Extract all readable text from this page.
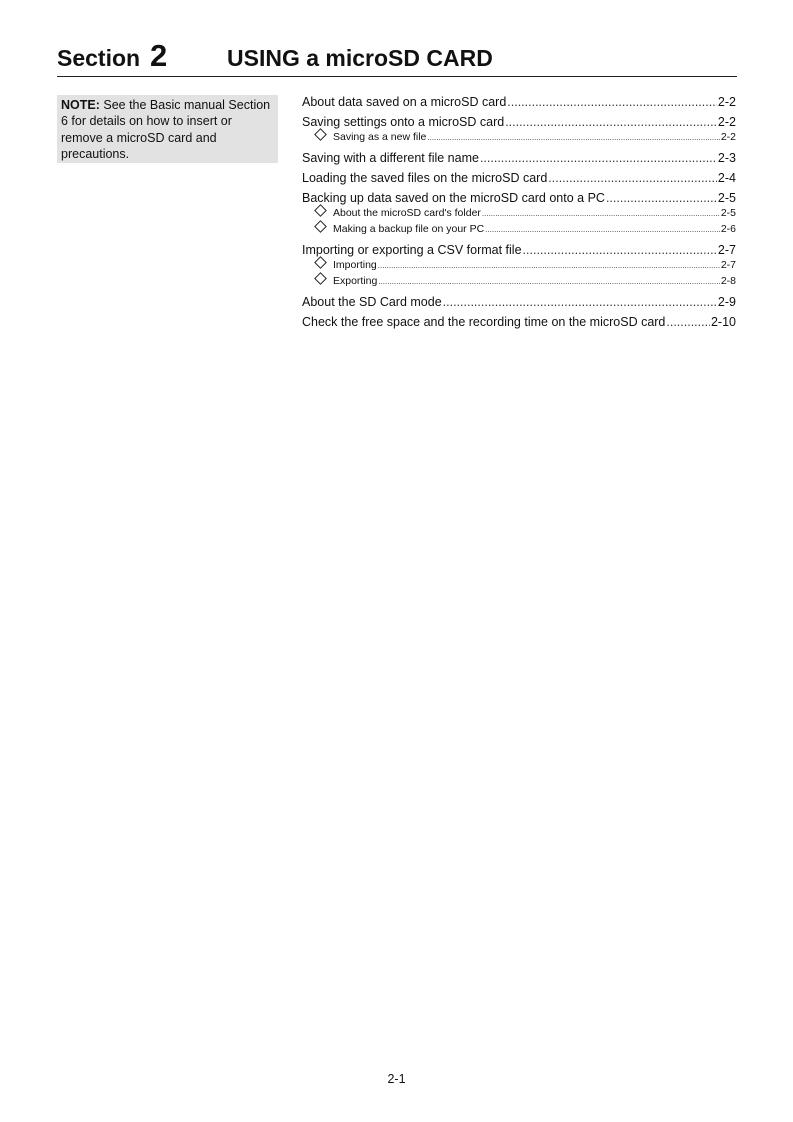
Section 2	USING a microSD CARD
NOTE: See the Basic manual Section 6 for details on how to insert or remove a microSD card and precautions.
About data saved on a microSD card .....	2-2
Saving settings onto a microSD card .....	2-2
Saving as a new file .....	2-2
Saving with a different file name .....	2-3
Loading the saved files on the microSD card .....	2-4
Backing up data saved on the microSD card onto a PC .....	2-5
About the microSD card's folder .....	2-5
Making a backup file on your PC .....	2-6
Importing or exporting a CSV format file .....	2-7
Importing .....	2-7
Exporting .....	2-8
About the SD Card mode .....	2-9
Check the free space and the recording time on the microSD card .....	2-10
2-1
